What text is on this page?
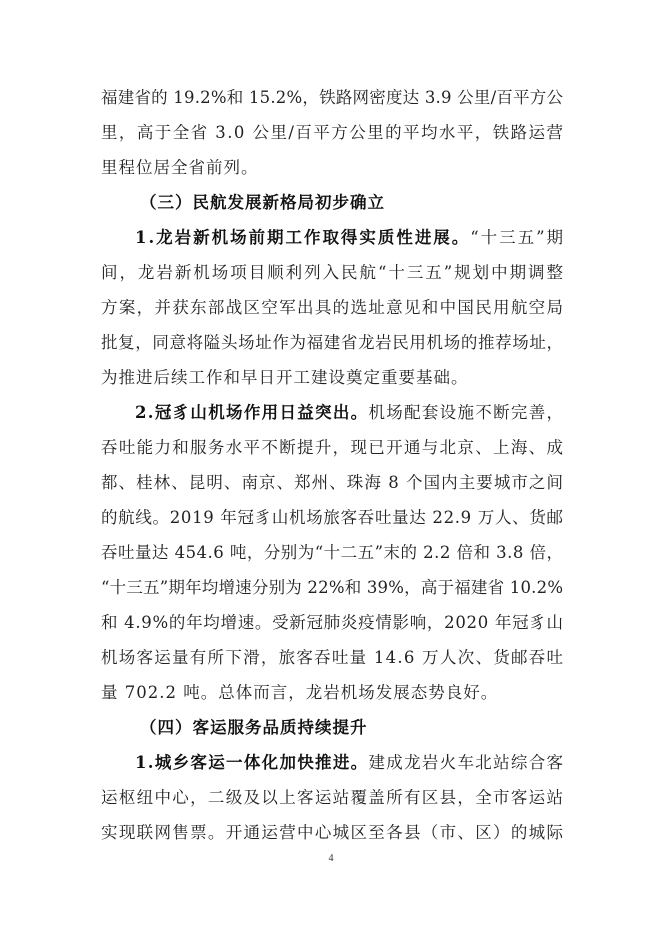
福建省的 19.2%和 15.2%，铁路网密度达 3.9 公里/百平方公
里，高于全省 3.0 公里/百平方公里的平均水平，铁路运营
里程位居全省前列。
（三）民航发展新格局初步确立
1.龙岩新机场前期工作取得实质性进展。“十三五”期
间，龙岩新机场项目顺利列入民航“十三五”规划中期调整
方案，并获东部战区空军出具的选址意见和中国民用航空局
批复，同意将隘头场址作为福建省龙岩民用机场的推荐场址，
为推进后续工作和早日开工建设奠定重要基础。
2.冠豸山机场作用日益突出。机场配套设施不断完善，
吞吐能力和服务水平不断提升，现已开通与北京、上海、成
都、桂林、昆明、南京、郑州、珠海 8 个国内主要城市之间
的航线。2019 年冠豸山机场旅客吞吐量达 22.9 万人、货邮
吞吐量达 454.6 吨，分别为“十二五”末的 2.2 倍和 3.8 倍，
“十三五”期年均增速分别为 22%和 39%，高于福建省 10.2%
和 4.9%的年均增速。受新冠肺炎疫情影响，2020 年冠豸山
机场客运量有所下滑，旅客吞吐量 14.6 万人次、货邮吞吐
量 702.2 吨。总体而言，龙岩机场发展态势良好。
（四）客运服务品质持续提升
1.城乡客运一体化加快推进。建成龙岩火车北站综合客
运枢纽中心，二级及以上客运站覆盖所有区县，全市客运站
实现联网售票。开通运营中心城区至各县（市、区）的城际
4
